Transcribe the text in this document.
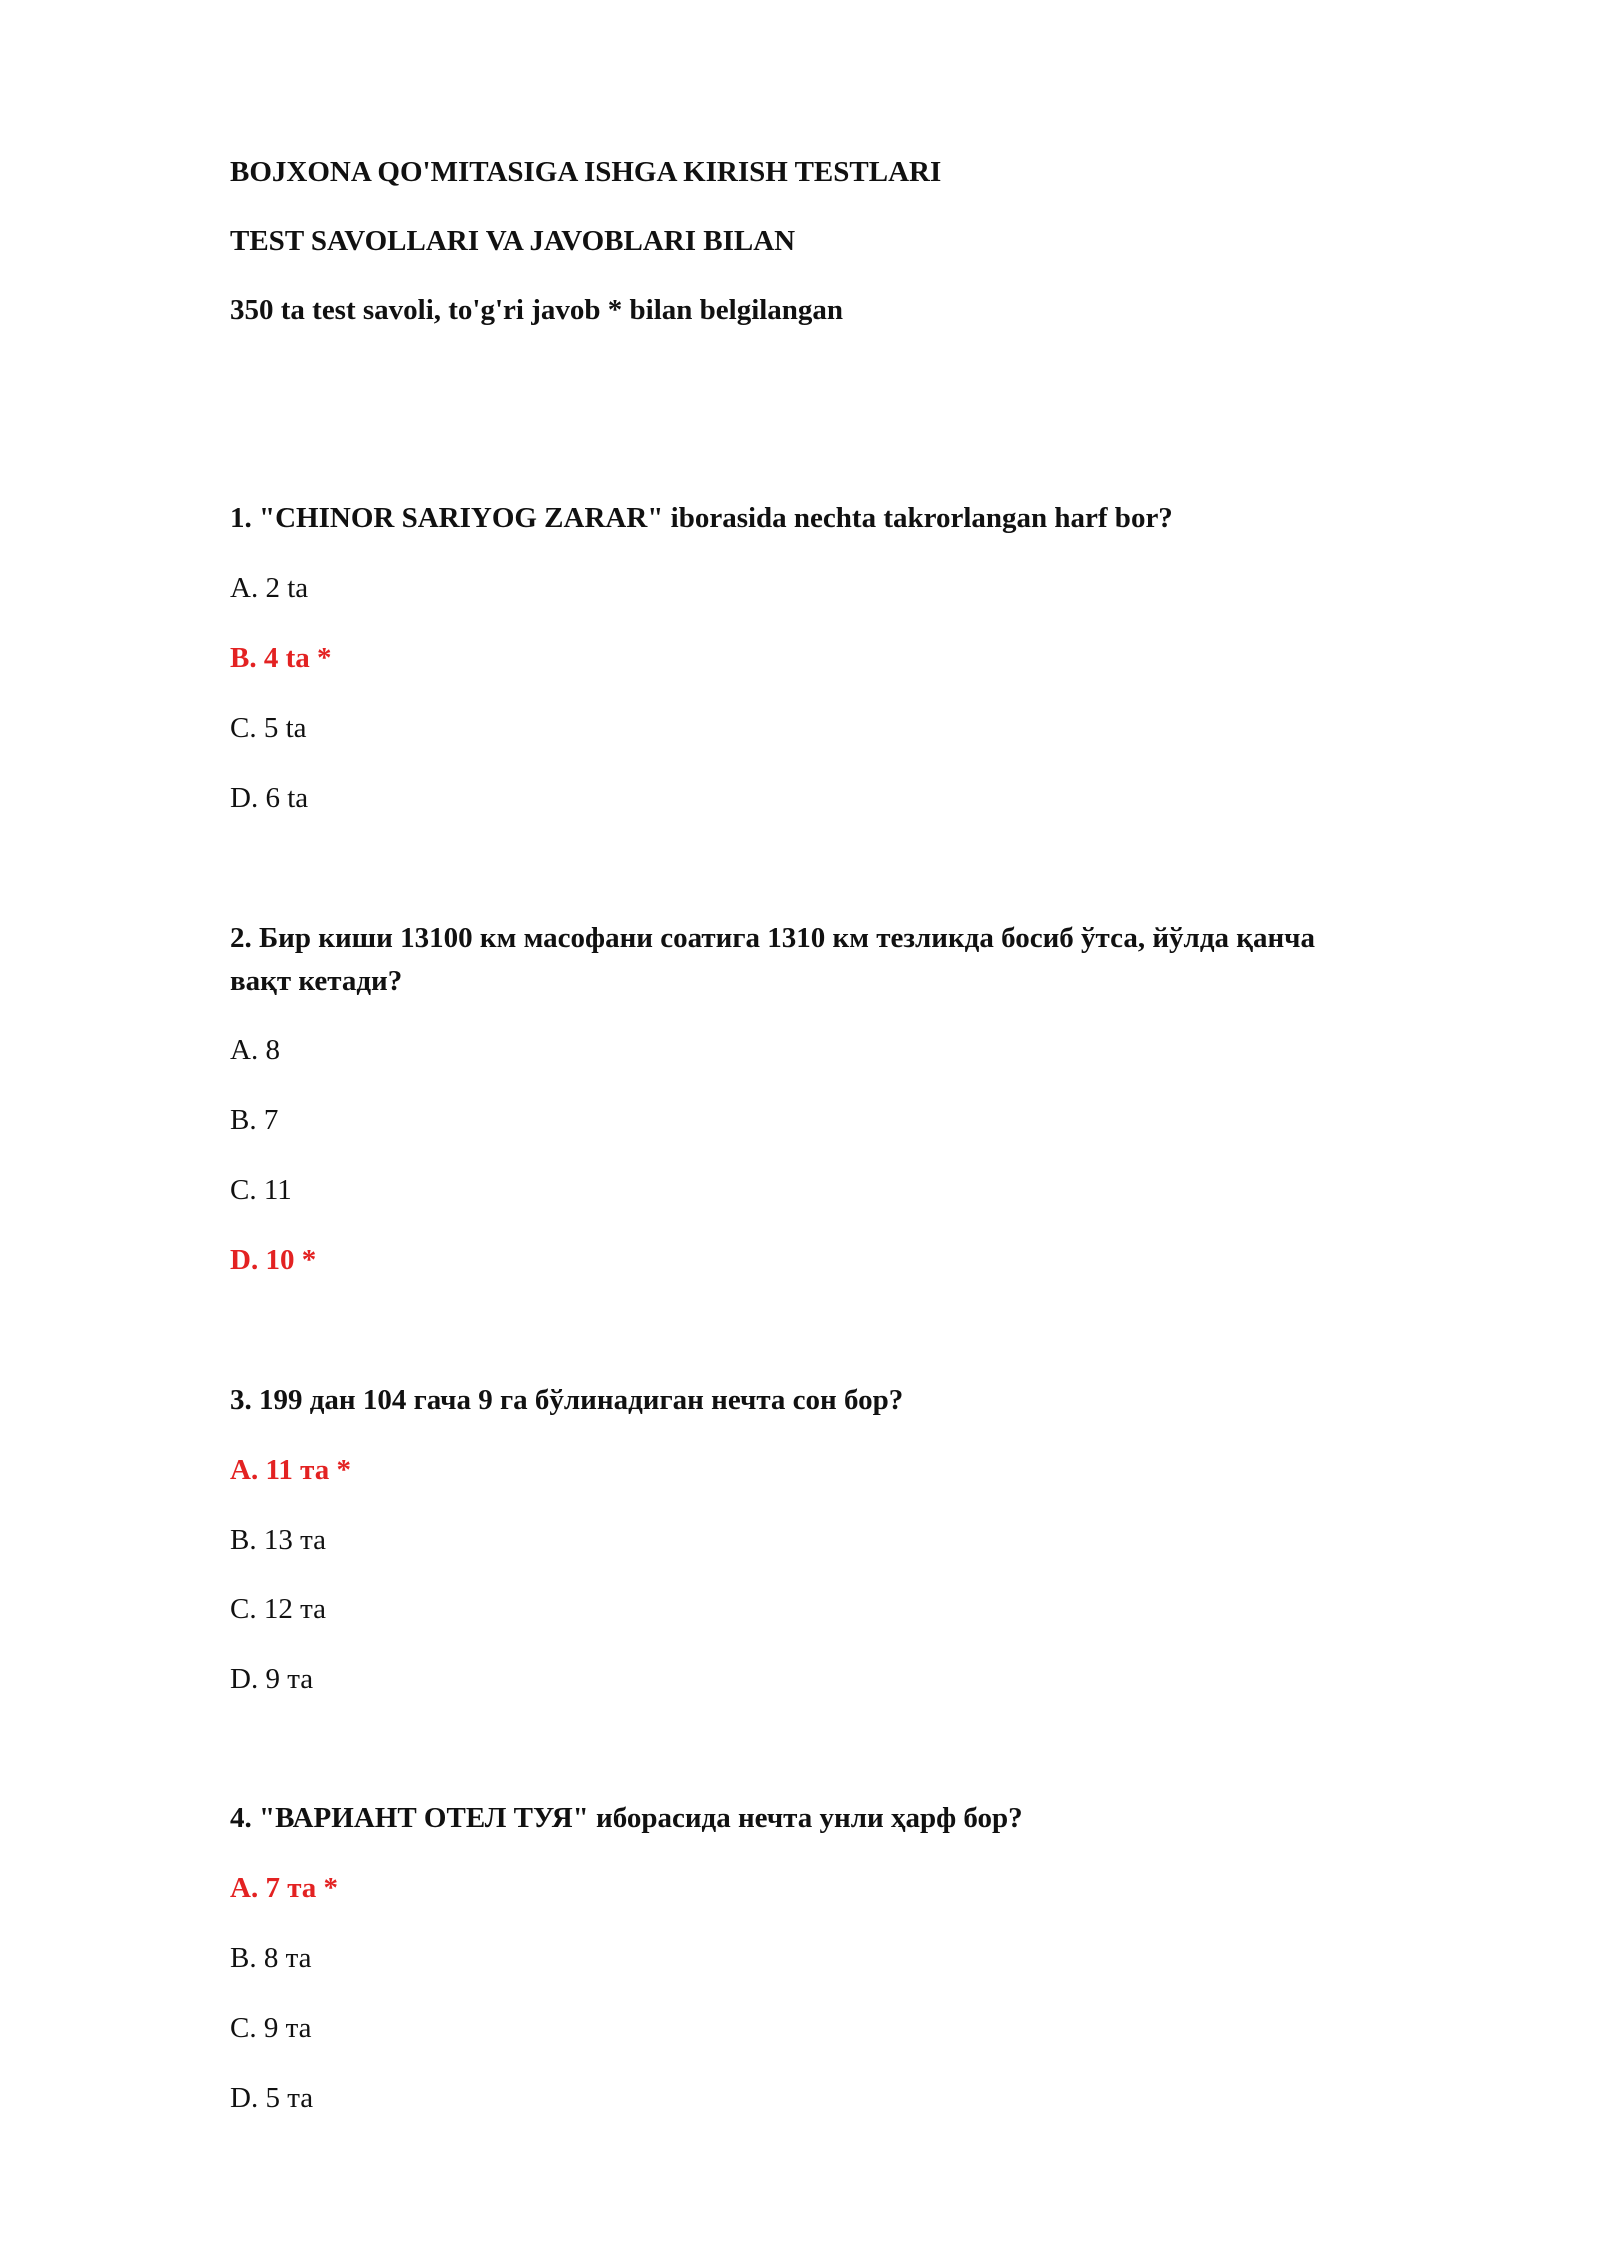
BOJXONA QO'MITASIGA ISHGA KIRISH TESTLARI
TEST SAVOLLARI VA JAVOBLARI BILAN
350 ta test savoli, to'g'ri javob * bilan belgilangan
1. "CHINOR SARIYOG ZARAR" iborasida nechta takrorlangan harf bor?
A. 2 ta
B. 4 ta *
C. 5 ta
D. 6 ta
2. Бир киши 13100 км масофани соатига 1310 км тезликда босиб ўтса, йўлда қанча
вақт кетади?
A. 8
B. 7
C. 11
D. 10 *
3. 199 дан 104 гача 9 га бўлинадиган нечта сон бор?
A. 11 та *
B. 13 та
C. 12 та
D. 9 та
4. "ВАРИАНТ ОТЕЛ ТУЯ" иборасида нечта унли ҳарф бор?
A. 7 та *
B. 8 та
C. 9 та
D. 5 та
